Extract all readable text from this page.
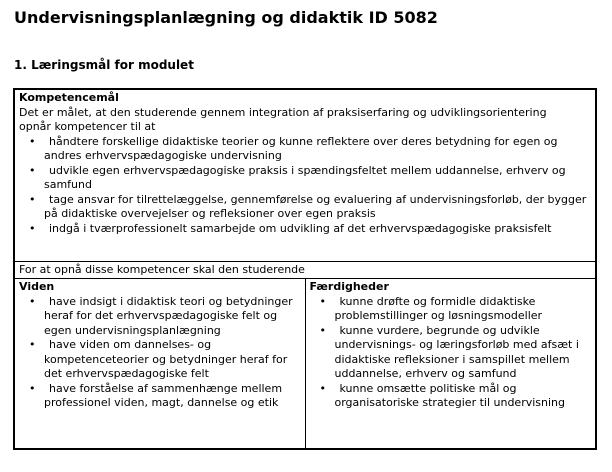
Undervisningsplanlægning og didaktik ID 5082
1. Læringsmål for modulet
Kompetencemål

Det er målet, at den studerende gennem integration af praksiserfaring og udviklingsorientering opnår kompetencer til at

• håndtere forskellige didaktiske teorier og kunne reflektere over deres betydning for egen og andres erhvervspædagogiske undervisning
• udvikle egen erhvervspædagogiske praksis i spændingsfeltet mellem uddannelse, erhverv og samfund
• tage ansvar for tilrettelæggelse, gennemførelse og evaluering af undervisningsforløb, der bygger på didaktiske overvejelser og refleksioner over egen praksis
• indgå i tværprofessionelt samarbejde om udvikling af det erhvervspædagogiske praksisfelt

For at opnå disse kompetencer skal den studerende

Viden
• have indsigt i didaktisk teori og betydninger heraf for det erhvervspædagogiske felt og egen undervisningsplanlægning
• have viden om dannelses- og kompetenceteorier og betydninger heraf for det erhvervspædagogiske felt
• have forståelse af sammenhænge mellem professionel viden, magt, dannelse og etik

Færdigheder
• kunne drøfte og formidle didaktiske problemstillinger og løsningsmodeller
• kunne vurdere, begrunde og udvikle undervisnings- og læringsforløb med afsæt i didaktiske refleksioner i samspillet mellem uddannelse, erhverv og samfund
• kunne omsætte politiske mål og organisatoriske strategier til undervisning
